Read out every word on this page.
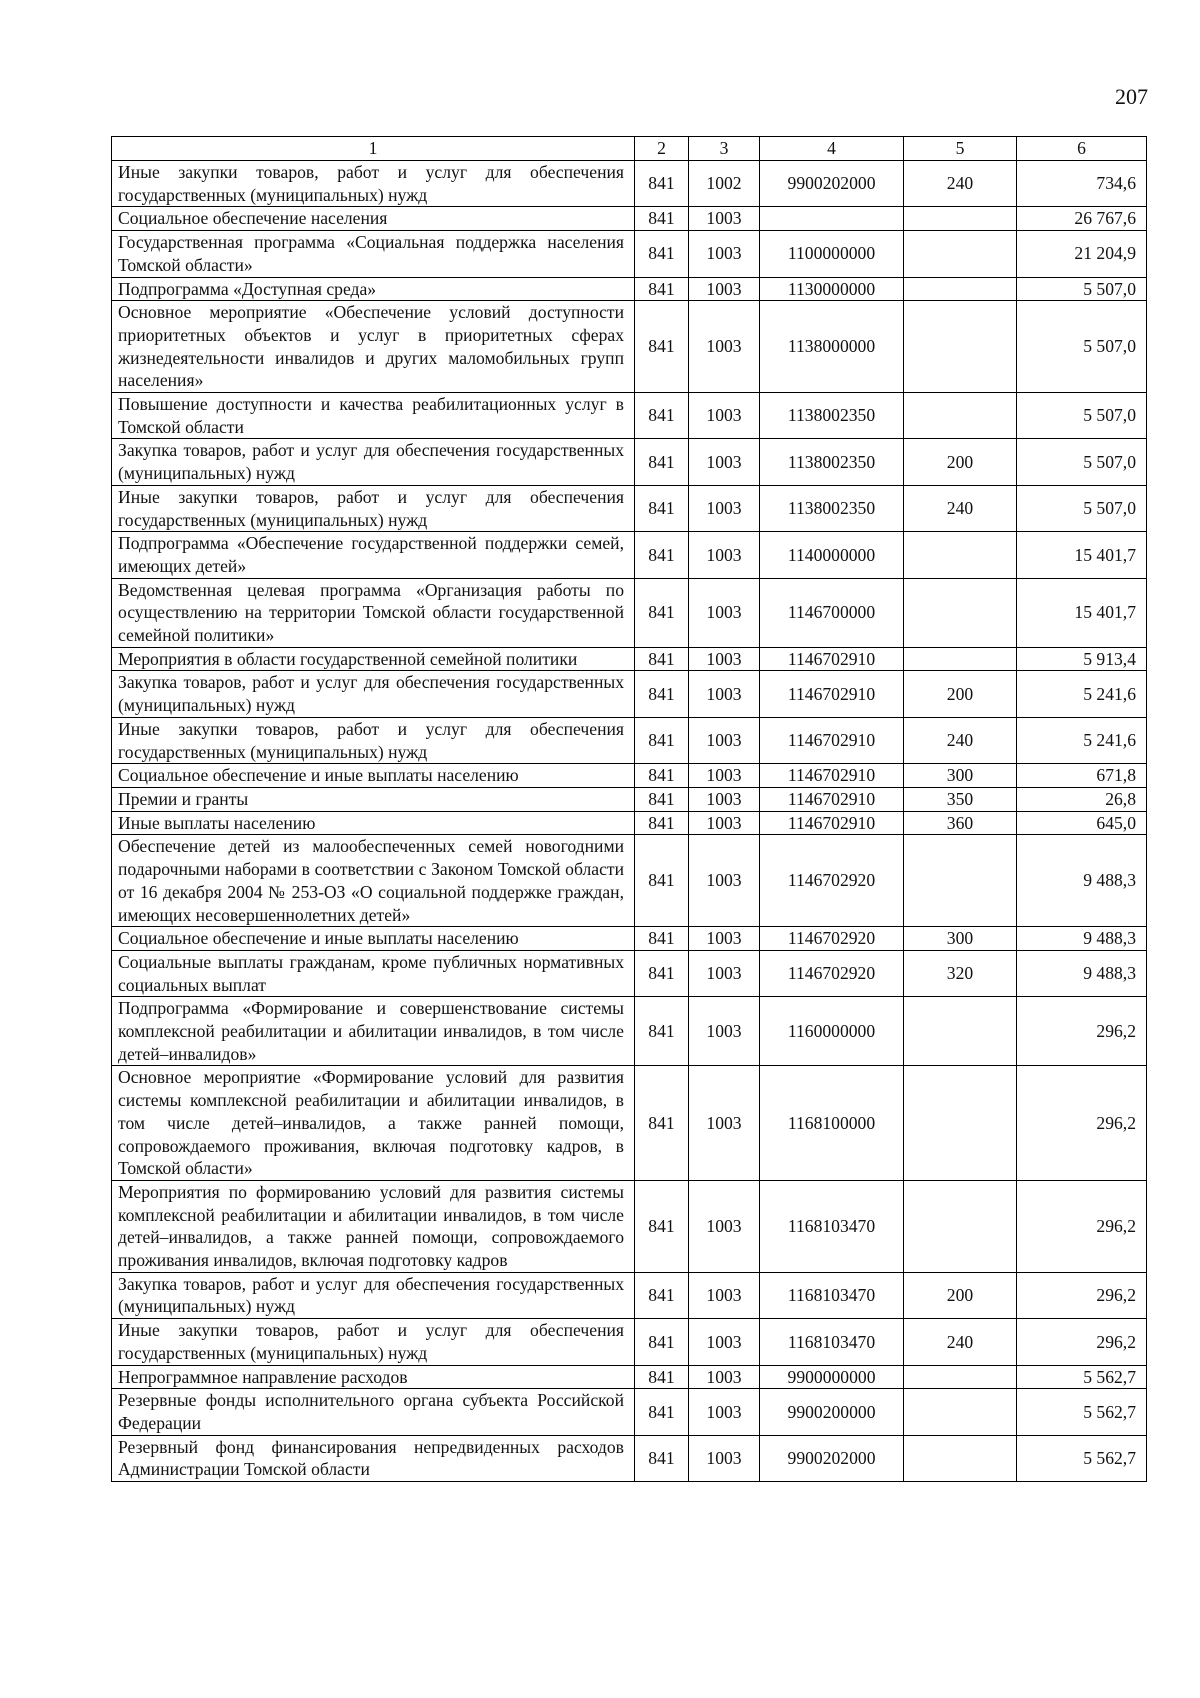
207
1	2	3	4	5	6
Иные закупки товаров, работ и услуг для обеспечения государственных (муниципальных) нужд	841	1002	9900202000	240	734,6
Социальное обеспечение населения	841	1003			26 767,6
Государственная программа «Социальная поддержка населения Томской области»	841	1003	1100000000		21 204,9
Подпрограмма «Доступная среда»	841	1003	1130000000		5 507,0
Основное мероприятие «Обеспечение условий доступности приоритетных объектов и услуг в приоритетных сферах жизнедеятельности инвалидов и других маломобильных групп населения»	841	1003	1138000000		5 507,0
Повышение доступности и качества реабилитационных услуг в Томской области	841	1003	1138002350		5 507,0
Закупка товаров, работ и услуг для обеспечения государственных (муниципальных) нужд	841	1003	1138002350	200	5 507,0
Иные закупки товаров, работ и услуг для обеспечения государственных (муниципальных) нужд	841	1003	1138002350	240	5 507,0
Подпрограмма «Обеспечение государственной поддержки семей, имеющих детей»	841	1003	1140000000		15 401,7
Ведомственная целевая программа «Организация работы по осуществлению на территории Томской области государственной семейной политики»	841	1003	1146700000		15 401,7
Мероприятия в области государственной семейной политики	841	1003	1146702910		5 913,4
Закупка товаров, работ и услуг для обеспечения государственных (муниципальных) нужд	841	1003	1146702910	200	5 241,6
Иные закупки товаров, работ и услуг для обеспечения государственных (муниципальных) нужд	841	1003	1146702910	240	5 241,6
Социальное обеспечение и иные выплаты населению	841	1003	1146702910	300	671,8
Премии и гранты	841	1003	1146702910	350	26,8
Иные выплаты населению	841	1003	1146702910	360	645,0
Обеспечение детей из малообеспеченных семей новогодними подарочными наборами в соответствии с Законом Томской области от 16 декабря 2004 № 253-ОЗ «О социальной поддержке граждан, имеющих несовершеннолетних детей»	841	1003	1146702920		9 488,3
Социальное обеспечение и иные выплаты населению	841	1003	1146702920	300	9 488,3
Социальные выплаты гражданам, кроме публичных нормативных социальных выплат	841	1003	1146702920	320	9 488,3
Подпрограмма «Формирование и совершенствование системы комплексной реабилитации и абилитации инвалидов, в том числе детей–инвалидов»	841	1003	1160000000		296,2
Основное мероприятие «Формирование условий для развития системы комплексной реабилитации и абилитации инвалидов, в том числе детей–инвалидов, а также ранней помощи, сопровождаемого проживания, включая подготовку кадров, в Томской области»	841	1003	1168100000		296,2
Мероприятия по формированию условий для развития системы комплексной реабилитации и абилитации инвалидов, в том числе детей–инвалидов, а также ранней помощи, сопровождаемого проживания инвалидов, включая подготовку кадров	841	1003	1168103470		296,2
Закупка товаров, работ и услуг для обеспечения государственных (муниципальных) нужд	841	1003	1168103470	200	296,2
Иные закупки товаров, работ и услуг для обеспечения государственных (муниципальных) нужд	841	1003	1168103470	240	296,2
Непрограммное направление расходов	841	1003	9900000000		5 562,7
Резервные фонды исполнительного органа субъекта Российской Федерации	841	1003	9900200000		5 562,7
Резервный фонд финансирования непредвиденных расходов Администрации Томской области	841	1003	9900202000		5 562,7
